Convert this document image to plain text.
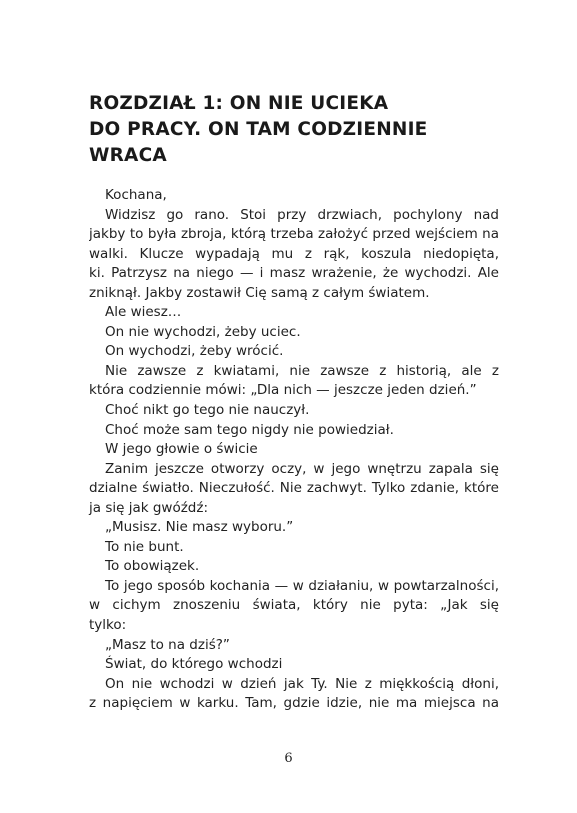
ROZDZIAŁ 1: ON NIE UCIEKA
DO PRACY. ON TAM CODZIENNIE
WRACA
Kochana,
Widzisz go rano. Stoi przy drzwiach, pochylony nad
jakby to była zbroja, którą trzeba założyć przed wejściem na
walki. Klucze wypadają mu z rąk, koszula niedopięta,
ki. Patrzysz na niego — i masz wrażenie, że wychodzi. Ale
zniknął. Jakby zostawił Cię samą z całym światem.
Ale wiesz…
On nie wychodzi, żeby uciec.
On wychodzi, żeby wrócić.
Nie zawsze z kwiatami, nie zawsze z historią, ale z
która codziennie mówi: „Dla nich — jeszcze jeden dzień.”
Choć nikt go tego nie nauczył.
Choć może sam tego nigdy nie powiedział.
W jego głowie o świcie
Zanim jeszcze otworzy oczy, w jego wnętrzu zapala się
dzialne światło. Nieczułość. Nie zachwyt. Tylko zdanie, które
ja się jak gwóźdź:
„Musisz. Nie masz wyboru.”
To nie bunt.
To obowiązek.
To jego sposób kochania — w działaniu, w powtarzalności,
w cichym znoszeniu świata, który nie pyta: „Jak się
tylko:
„Masz to na dziś?”
Świat, do którego wchodzi
On nie wchodzi w dzień jak Ty. Nie z miękkością dłoni,
z napięciem w karku. Tam, gdzie idzie, nie ma miejsca na
6
